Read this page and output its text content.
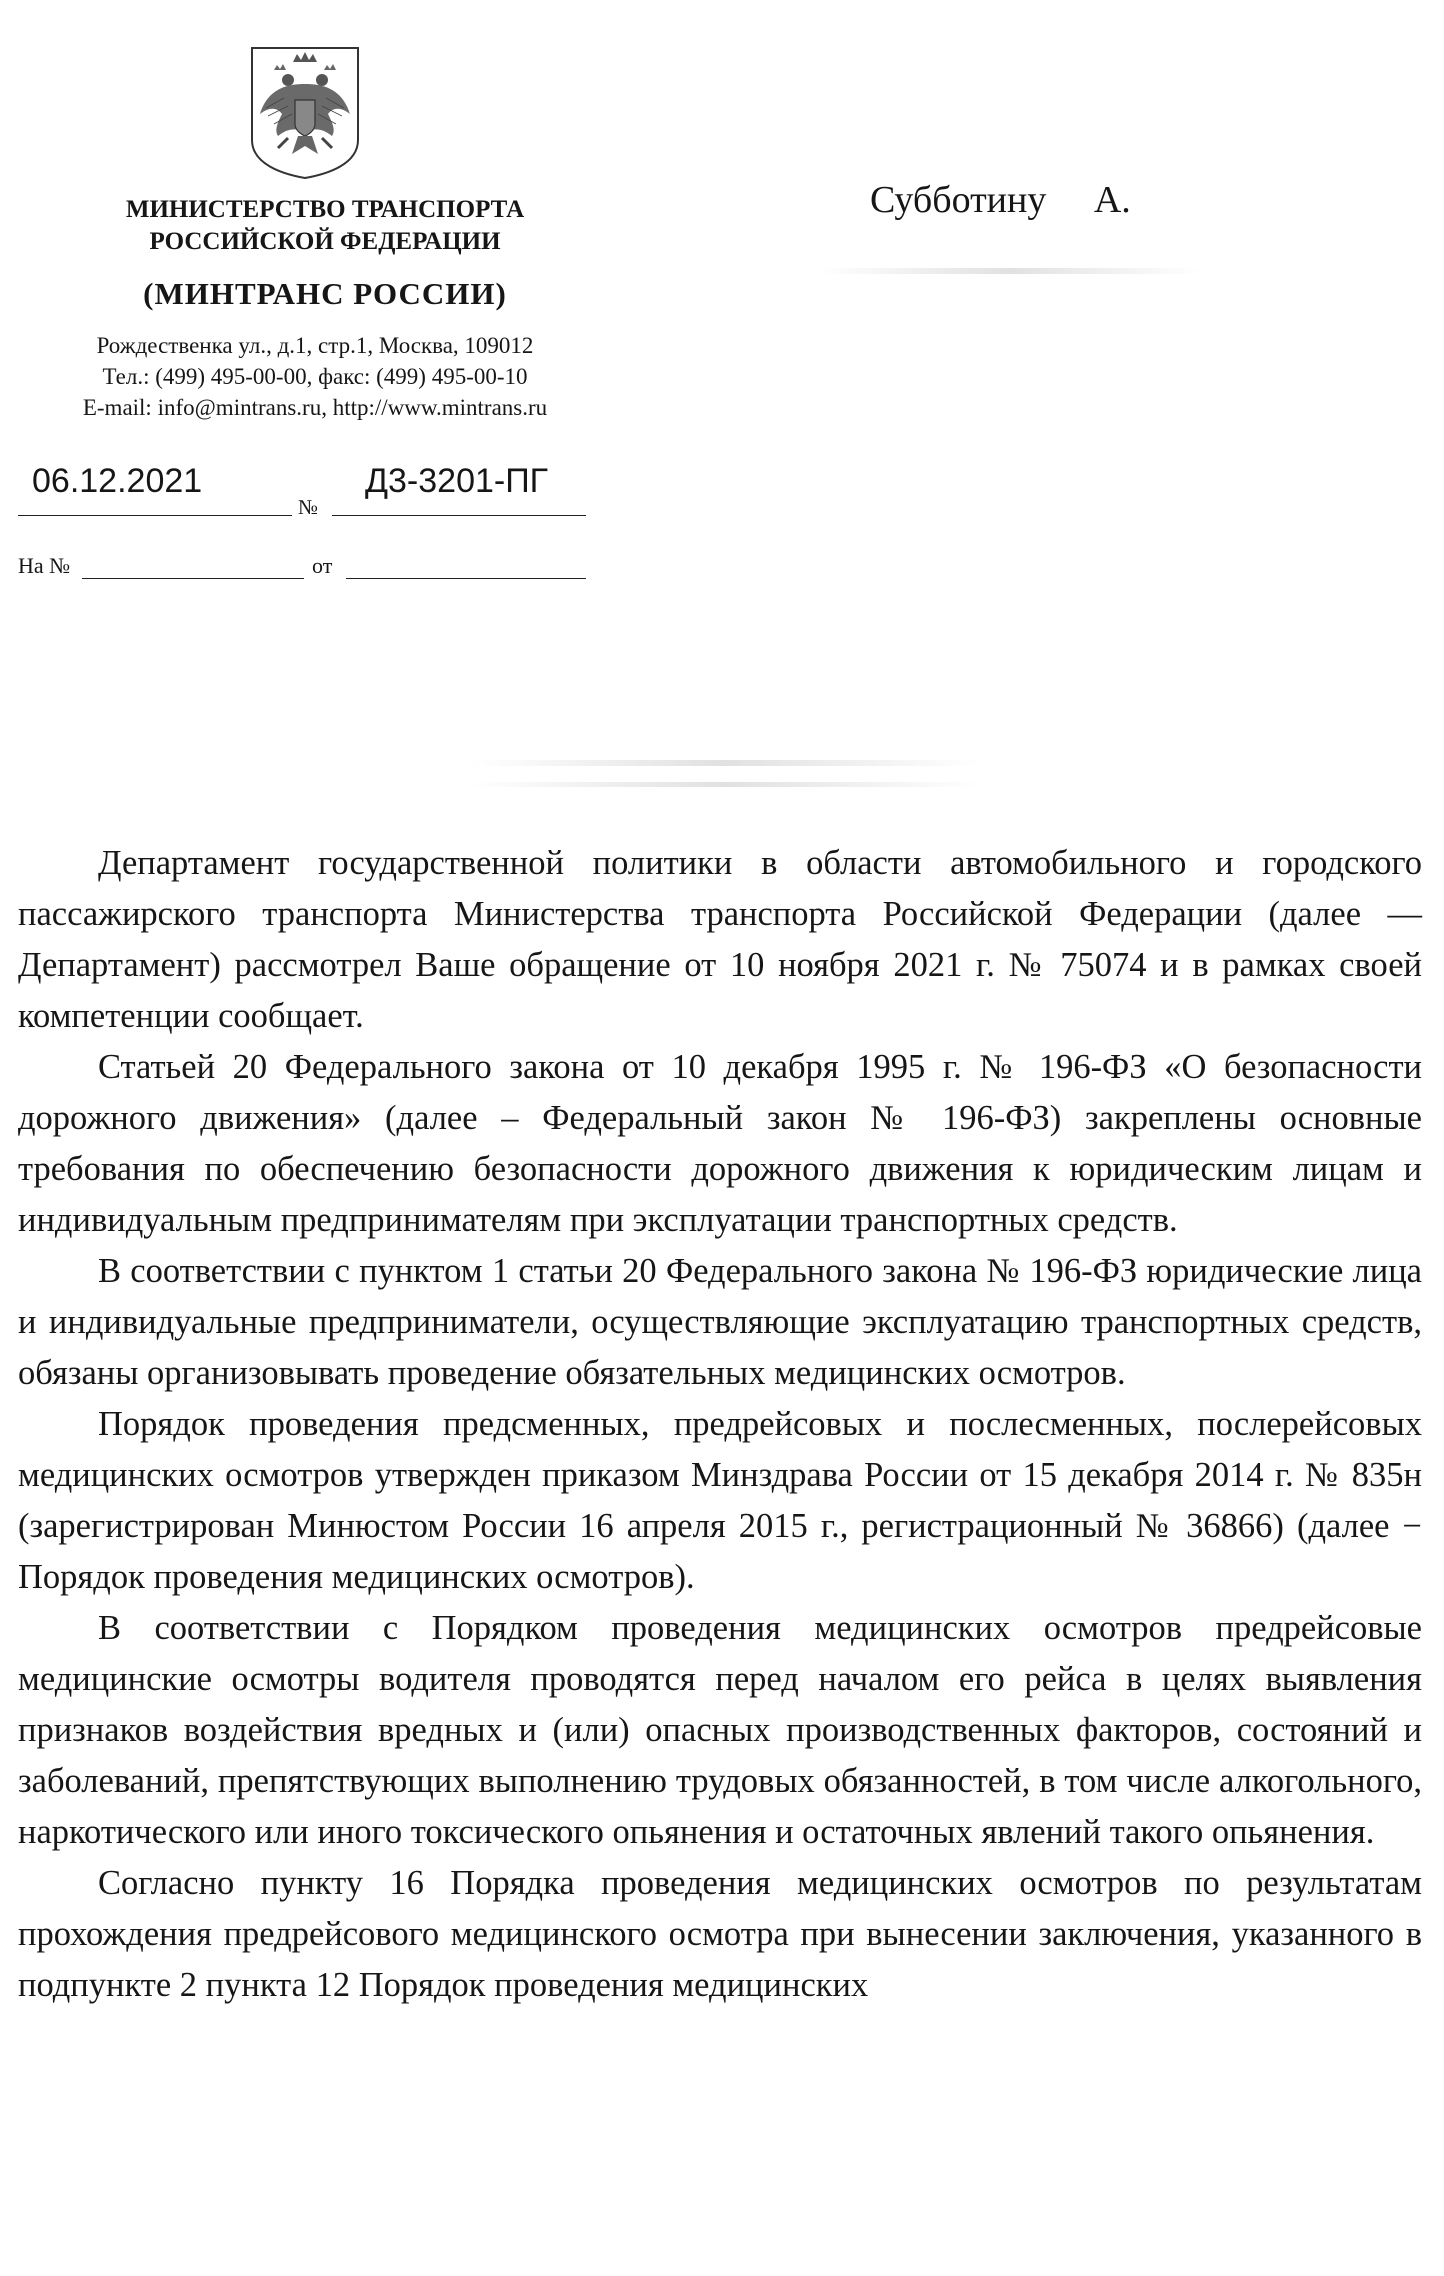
МИНИСТЕРСТВО ТРАНСПОРТА
РОССИЙСКОЙ ФЕДЕРАЦИИ
(МИНТРАНС РОССИИ)
Рождественка ул., д.1, стр.1, Москва, 109012
Тел.: (499) 495-00-00, факс: (499) 495-00-10
E-mail: info@mintrans.ru, http://www.mintrans.ru
06.12.2021
№
Д3-3201-ПГ
На №	от
Субботину     А.

Департамент государственной политики в области автомобильного и городского пассажирского транспорта Министерства транспорта Российской Федерации (далее — Департамент) рассмотрел Ваше обращение от 10 ноября 2021 г. № 75074 и в рамках своей компетенции сообщает.

Статьей 20 Федерального закона от 10 декабря 1995 г. № 196-ФЗ «О безопасности дорожного движения» (далее – Федеральный закон № 196-ФЗ) закреплены основные требования по обеспечению безопасности дорожного движения к юридическим лицам и индивидуальным предпринимателям при эксплуатации транспортных средств.

В соответствии с пунктом 1 статьи 20 Федерального закона № 196-ФЗ юридические лица и индивидуальные предприниматели, осуществляющие эксплуатацию транспортных средств, обязаны организовывать проведение обязательных медицинских осмотров.

Порядок проведения предсменных, предрейсовых и послесменных, послерейсовых медицинских осмотров утвержден приказом Минздрава России от 15 декабря 2014 г. № 835н (зарегистрирован Минюстом России 16 апреля 2015 г., регистрационный № 36866) (далее − Порядок проведения медицинских осмотров).

В соответствии с Порядком проведения медицинских осмотров предрейсовые медицинские осмотры водителя проводятся перед началом его рейса в целях выявления признаков воздействия вредных и (или) опасных производственных факторов, состояний и заболеваний, препятствующих выполнению трудовых обязанностей, в том числе алкогольного, наркотического или иного токсического опьянения и остаточных явлений такого опьянения.

Согласно пункту 16 Порядка проведения медицинских осмотров по результатам прохождения предрейсового медицинского осмотра при вынесении заключения, указанного в подпункте 2 пункта 12 Порядок проведения медицинских
